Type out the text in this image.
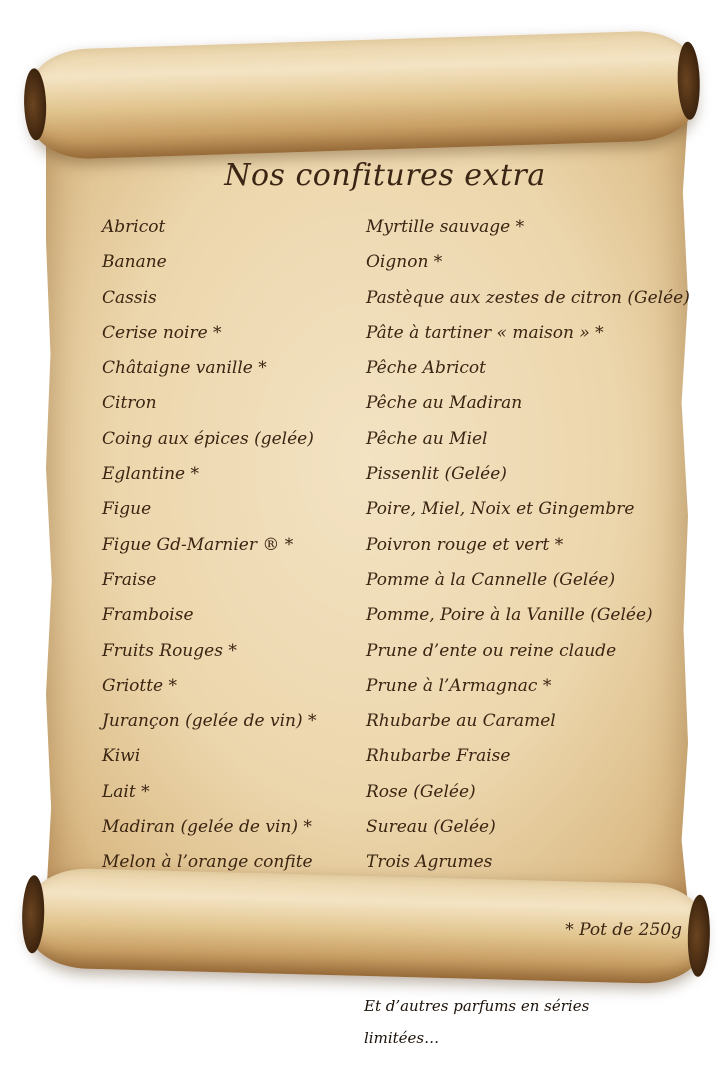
Nos confitures extra
Abricot
Banane
Cassis
Cerise noire *
Châtaigne vanille *
Citron
Coing aux épices (gelée)
Eglantine *
Figue
Figue Gd-Marnier ® *
Fraise
Framboise
Fruits Rouges *
Griotte *
Jurançon (gelée de vin) *
Kiwi
Lait *
Madiran (gelée de vin) *
Melon à l’orange confite
Myrtille sauvage *
Oignon *
Pastèque aux zestes de citron (Gelée)
Pâte à tartiner « maison » *
Pêche Abricot
Pêche au Madiran
Pêche au Miel
Pissenlit (Gelée)
Poire, Miel, Noix et Gingembre
Poivron rouge et vert *
Pomme à la Cannelle (Gelée)
Pomme, Poire à la Vanille (Gelée)
Prune d’ente ou reine claude
Prune à l’Armagnac *
Rhubarbe au Caramel
Rhubarbe Fraise
Rose (Gelée)
Sureau (Gelée)
Trois Agrumes
* Pot de 250g
Et d’autres parfums en séries
limitées…
